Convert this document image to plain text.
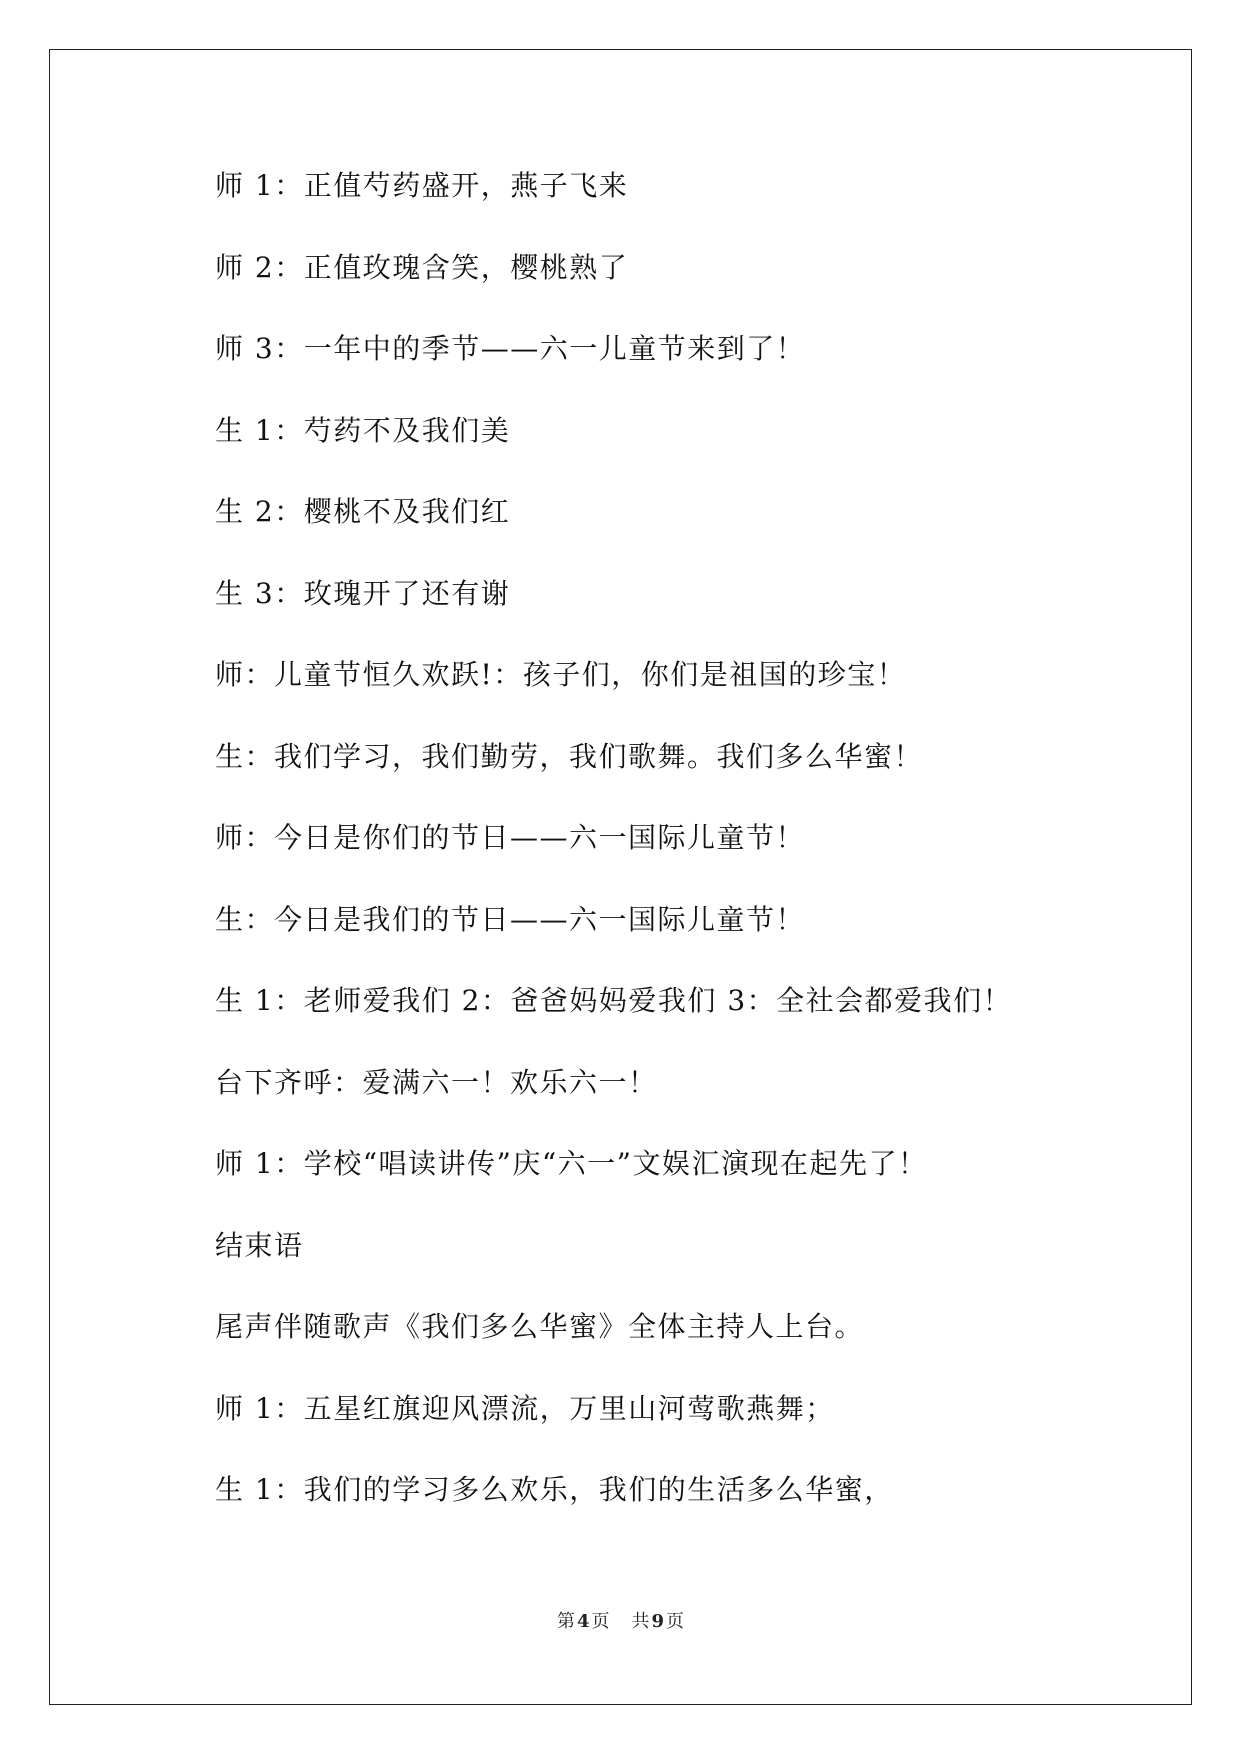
师 1：正值芍药盛开，燕子飞来
师 2：正值玫瑰含笑，樱桃熟了
师 3：一年中的季节——六一儿童节来到了！
生 1：芍药不及我们美
生 2：樱桃不及我们红
生 3：玫瑰开了还有谢
师：儿童节恒久欢跃!：孩子们，你们是祖国的珍宝！
生：我们学习，我们勤劳，我们歌舞。我们多么华蜜！
师：今日是你们的节日——六一国际儿童节！
生：今日是我们的节日——六一国际儿童节！
生 1：老师爱我们 2：爸爸妈妈爱我们 3：全社会都爱我们！
台下齐呼：爱满六一！欢乐六一！
师 1：学校“唱读讲传”庆“六一”文娱汇演现在起先了！
结束语
尾声伴随歌声《我们多么华蜜》全体主持人上台。
师 1：五星红旗迎风漂流，万里山河莺歌燕舞；
生 1：我们的学习多么欢乐，我们的生活多么华蜜，
第 4 页 共 9 页
